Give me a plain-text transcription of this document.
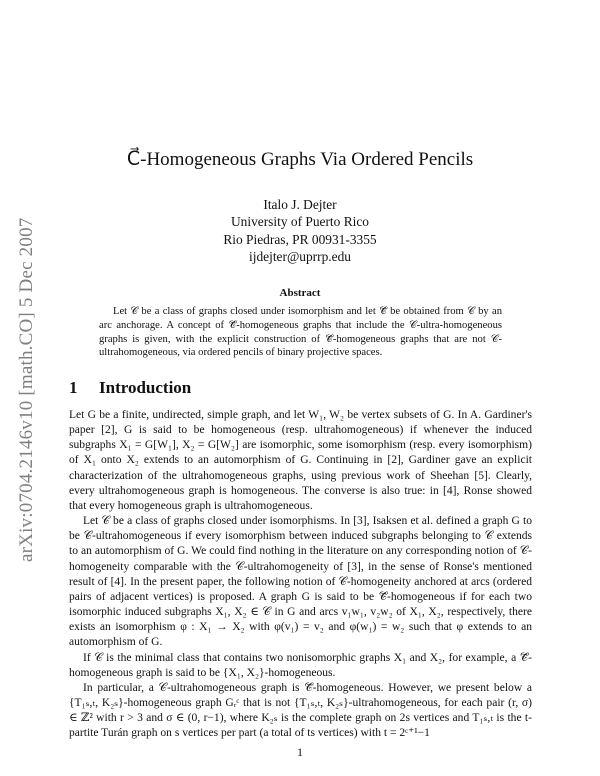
arXiv:0704.2146v10 [math.CO] 5 Dec 2007
C⃗-Homogeneous Graphs Via Ordered Pencils
Italo J. Dejter
University of Puerto Rico
Rio Piedras, PR 00931-3355
ijdejter@uprrp.edu
Abstract

Let 𝒞 be a class of graphs closed under isomorphism and let 𝒞⃗ be obtained from 𝒞 by an arc anchorage. A concept of 𝒞⃗-homogeneous graphs that include the 𝒞-ultra-homogeneous graphs is given, with the explicit construction of 𝒞⃗-homogeneous graphs that are not 𝒞-ultrahomogeneous, via ordered pencils of binary projective spaces.

1 Introduction

Let G be a finite, undirected, simple graph, and let W₁, W₂ be vertex subsets of G. In A. Gardiner's paper [2], G is said to be homogeneous (resp. ultrahomogeneous) if whenever the induced subgraphs X₁ = G[W₁], X₂ = G[W₂] are isomorphic, some isomorphism (resp. every isomorphism) of X₁ onto X₂ extends to an automorphism of G. Continuing in [2], Gardiner gave an explicit characterization of the ultrahomogeneous graphs, using previous work of Sheehan [5]. Clearly, every ultrahomogeneous graph is homogeneous. The converse is also true: in [4], Ronse showed that every homogeneous graph is ultrahomogeneous.

Let 𝒞 be a class of graphs closed under isomorphisms. In [3], Isaksen et al. defined a graph G to be 𝒞-ultrahomogeneous if every isomorphism between induced subgraphs belonging to 𝒞 extends to an automorphism of G. We could find nothing in the literature on any corresponding notion of 𝒞-homogeneity comparable with the 𝒞-ultrahomogeneity of [3], in the sense of Ronse's mentioned result of [4]. In the present paper, the following notion of 𝒞-homogeneity anchored at arcs (ordered pairs of adjacent vertices) is proposed. A graph G is said to be 𝒞⃗-homogeneous if for each two isomorphic induced subgraphs X₁, X₂ ∈ 𝒞 in G and arcs v₁w₁, v₂w₂ of X₁, X₂, respectively, there exists an isomorphism φ : X₁ → X₂ with φ(v₁) = v₂ and φ(w₁) = w₂ such that φ extends to an automorphism of G.

If 𝒞 is the minimal class that contains two nonisomorphic graphs X₁ and X₂, for example, a 𝒞⃗-homogeneous graph is said to be {X₁, X₂}-homogeneous.

In particular, a 𝒞-ultrahomogeneous graph is 𝒞⃗-homogeneous. However, we present below a {T₁ₛ,ₜ, K₂ₛ}-homogeneous graph Gᵣᶜ that is not {T₁ₛ,ₜ, K₂ₛ}-ultrahomogeneous, for each pair (r, σ) ∈ ℤ² with r > 3 and σ ∈ (0, r−1), where K₂ₛ is the complete graph on 2s vertices and T₁ₛ,ₜ is the t-partite Turán graph on s vertices per part (a total of ts vertices) with t = 2ᶜ⁺¹−1

1
